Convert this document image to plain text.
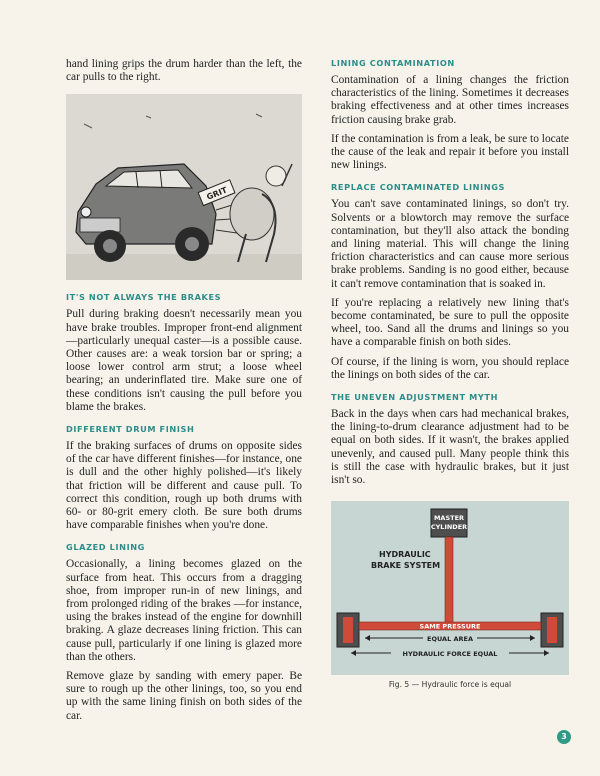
hand lining grips the drum harder than the left, the car pulls to the right.

GRIT
IT'S NOT ALWAYS THE BRAKES

Pull during braking doesn't necessarily mean you have brake troubles. Improper front-end alignment—particularly unequal caster—is a possible cause. Other causes are: a weak torsion bar or spring; a loose lower control arm strut; a loose wheel bearing; an underinflated tire. Make sure one of these conditions isn't causing the pull before you blame the brakes.

DIFFERENT DRUM FINISH

If the braking surfaces of drums on opposite sides of the car have different finishes—for instance, one is dull and the other highly polished—it's likely that friction will be different and cause pull. To correct this condition, rough up both drums with 60- or 80-grit emery cloth. Be sure both drums have comparable finishes when you're done.

GLAZED LINING

Occasionally, a lining becomes glazed on the surface from heat. This occurs from a dragging shoe, from improper run-in of new linings, and from prolonged riding of the brakes —for instance, using the brakes instead of the engine for downhill braking. A glaze decreases lining friction. This can cause pull, particularly if one lining is glazed more than the others.

Remove glaze by sanding with emery paper. Be sure to rough up the other linings, too, so you end up with the same lining finish on both sides of the car.

LINING CONTAMINATION

Contamination of a lining changes the friction characteristics of the lining. Sometimes it decreases braking effectiveness and at other times increases friction causing brake grab.

If the contamination is from a leak, be sure to locate the cause of the leak and repair it before you install new linings.

REPLACE CONTAMINATED LININGS

You can't save contaminated linings, so don't try. Solvents or a blowtorch may remove the surface contamination, but they'll also attack the bonding and lining material. This will change the lining friction characteristics and can cause more serious brake problems. Sanding is no good either, because it can't remove contamination that is soaked in.

If you're replacing a relatively new lining that's become contaminated, be sure to pull the opposite wheel, too. Sand all the drums and linings so you have a comparable finish on both sides.

Of course, if the lining is worn, you should replace the linings on both sides of the car.

THE UNEVEN ADJUSTMENT MYTH

Back in the days when cars had mechanical brakes, the lining-to-drum clearance adjustment had to be equal on both sides. If it wasn't, the brakes applied unevenly, and caused pull. Many people think this is still the case with hydraulic brakes, but it just isn't so.

MASTER
CYLINDER
HYDRAULIC
BRAKE SYSTEM
SAME PRESSURE
EQUAL AREA
HYDRAULIC FORCE EQUAL
Fig. 5 — Hydraulic force is equal
3
